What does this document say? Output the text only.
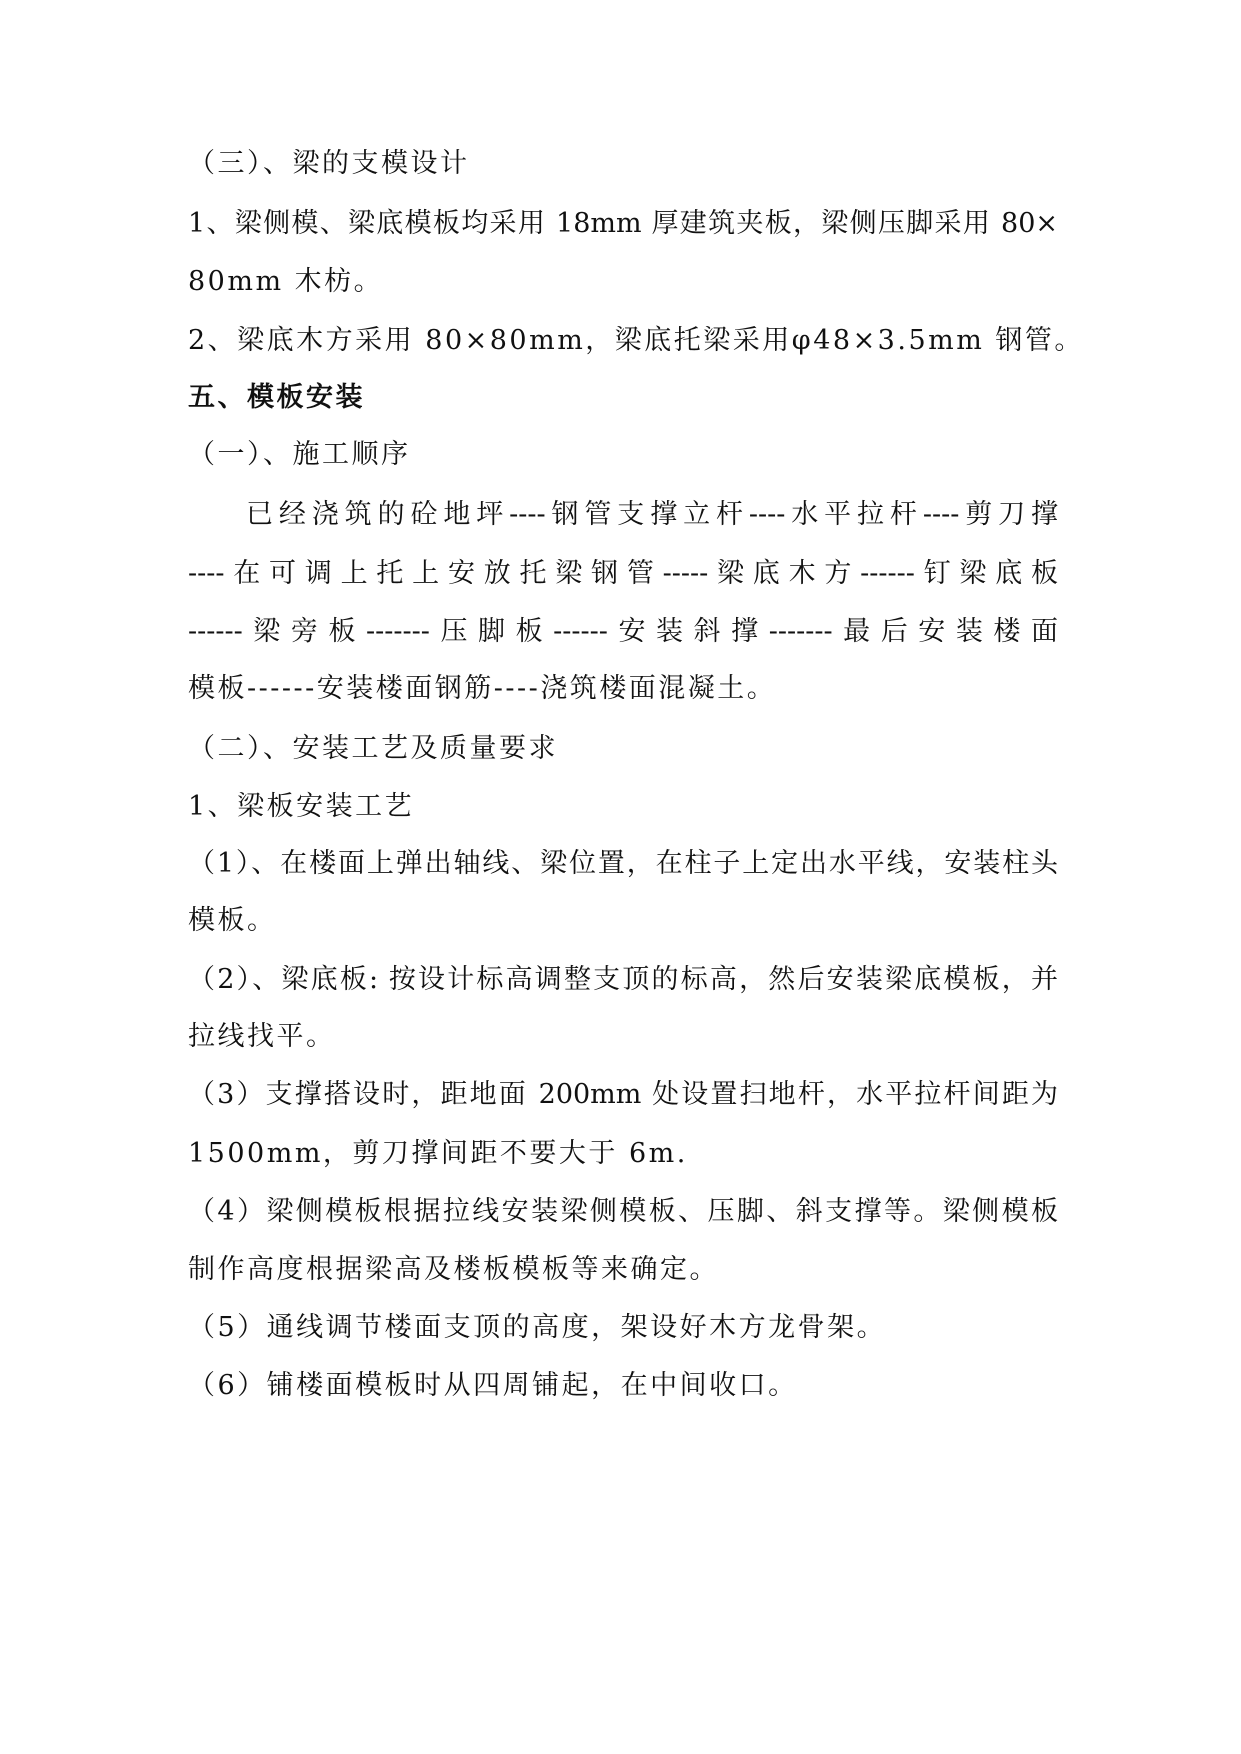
（三）、梁的支模设计
1、梁侧模、梁底模板均采用 18mm 厚建筑夹板，梁侧压脚采用 80×
80mm 木枋。
2、梁底木方采用 80×80mm，梁底托梁采用φ48×3.5mm 钢管。
五、模板安装
（一）、施工顺序
已经浇筑的砼地坪----钢管支撑立杆----水平拉杆----剪刀撑
----在可调上托上安放托梁钢管-----梁底木方------钉梁底板
------梁旁板-------压脚板------安装斜撑-------最后安装楼面
模板------安装楼面钢筋----浇筑楼面混凝土。
（二）、安装工艺及质量要求
1、梁板安装工艺
（1）、在楼面上弹出轴线、梁位置，在柱子上定出水平线，安装柱头
模板。
（2）、梁底板: 按设计标高调整支顶的标高，然后安装梁底模板，并
拉线找平。
（3）支撑搭设时，距地面 200mm 处设置扫地杆，水平拉杆间距为
1500mm，剪刀撑间距不要大于 6m.
（4）梁侧模板根据拉线安装梁侧模板、压脚、斜支撑等。梁侧模板
制作高度根据梁高及楼板模板等来确定。
（5）通线调节楼面支顶的高度，架设好木方龙骨架。
（6）铺楼面模板时从四周铺起，在中间收口。
